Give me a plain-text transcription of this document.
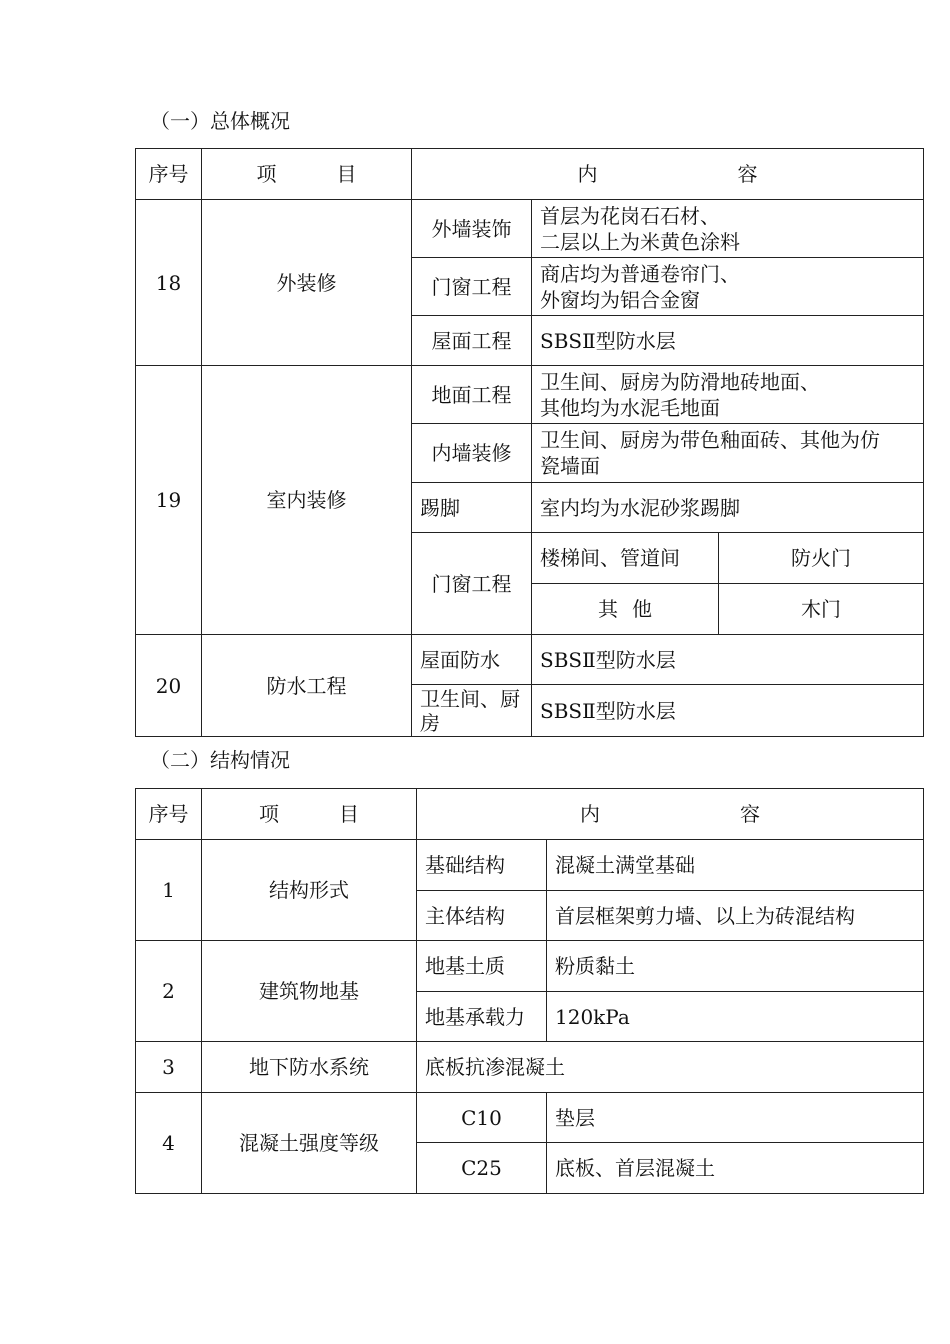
（一）总体概况
序号	项 目	内 容		
18	外装修	外墙装饰	首层为花岗石石材、
二层以上为米黄色涂料	

		门窗工程	商店均为普通卷帘门、
外窗均为铝合金窗	

		屋面工程	SBSⅡ型防水层	
19	室内装修	地面工程	卫生间、厨房为防滑地砖地面、
其他均为水泥毛地面	

		内墙装修	卫生间、厨房为带色釉面砖、其他为仿
瓷墙面	

		踢脚	室内均为水泥砂浆踢脚	
		门窗工程	楼梯间、管道间	防火门
			其 他	木门
20	防水工程	屋面防水	SBSⅡ型防水层	

		卫生间、厨
房	SBSⅡ型防水层	
（二）结构情况
序号	项 目	内 容	
1	结构形式	基础结构	混凝土满堂基础
		主体结构	首层框架剪力墙、以上为砖混结构
2	建筑物地基	地基土质	粉质黏土
		地基承载力	120kPa
3	地下防水系统	底板抗渗混凝土	
4	混凝土强度等级	C10	垫层
		C25	底板、首层混凝土
